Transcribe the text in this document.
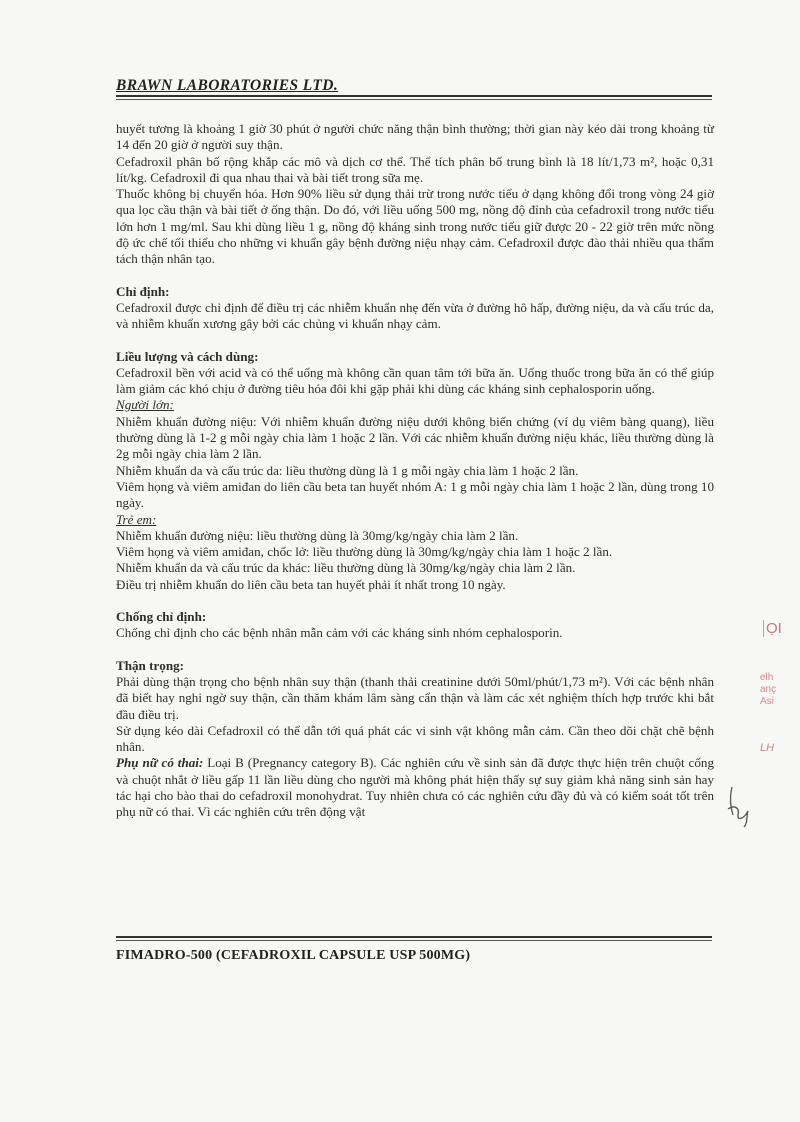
BRAWN LABORATORIES LTD.

huyết tương là khoảng 1 giờ 30 phút ở người chức năng thận bình thường; thời gian này kéo dài trong khoảng từ 14 đến 20 giờ ở người suy thận.

Cefadroxil phân bố rộng khắp các mô và dịch cơ thể. Thể tích phân bố trung bình là 18 lít/1,73 m², hoặc 0,31 lít/kg. Cefadroxil đi qua nhau thai và bài tiết trong sữa mẹ.

Thuốc không bị chuyển hóa. Hơn 90% liều sử dụng thải trừ trong nước tiểu ở dạng không đổi trong vòng 24 giờ qua lọc cầu thận và bài tiết ở ống thận. Do đó, với liều uống 500 mg, nồng độ đỉnh của cefadroxil trong nước tiểu lớn hơn 1 mg/ml. Sau khi dùng liều 1 g, nồng độ kháng sinh trong nước tiểu giữ được 20 - 22 giờ trên mức nồng độ ức chế tối thiểu cho những vi khuẩn gây bệnh đường niệu nhạy cảm. Cefadroxil được đào thải nhiều qua thẩm tách thận nhân tạo.

Chỉ định:

Cefadroxil được chỉ định để điều trị các nhiễm khuẩn nhẹ đến vừa ở đường hô hấp, đường niệu, da và cấu trúc da, và nhiễm khuẩn xương gây bởi các chủng vi khuẩn nhạy cảm.

Liều lượng và cách dùng:

Cefadroxil bền với acid và có thể uống mà không cần quan tâm tới bữa ăn. Uống thuốc trong bữa ăn có thể giúp làm giảm các khó chịu ở đường tiêu hóa đôi khi gặp phải khi dùng các kháng sinh cephalosporin uống.

Người lớn:

Nhiễm khuẩn đường niệu: Với nhiễm khuẩn đường niệu dưới không biến chứng (ví dụ viêm bàng quang), liều thường dùng là 1-2 g mỗi ngày chia làm 1 hoặc 2 lần. Với các nhiễm khuẩn đường niệu khác, liều thường dùng là 2g mỗi ngày chia làm 2 lần.

Nhiễm khuẩn da và cấu trúc da: liều thường dùng là 1 g mỗi ngày chia làm 1 hoặc 2 lần.

Viêm họng và viêm amiđan do liên cầu beta tan huyết nhóm A: 1 g mỗi ngày chia làm 1 hoặc 2 lần, dùng trong 10 ngày.

Trẻ em:

Nhiễm khuẩn đường niệu: liều thường dùng là 30mg/kg/ngày chia làm 2 lần.

Viêm họng và viêm amiđan, chốc lở: liều thường dùng là 30mg/kg/ngày chia làm 1 hoặc 2 lần.

Nhiễm khuẩn da và cấu trúc da khác: liều thường dùng là 30mg/kg/ngày chia làm 2 lần.

Điều trị nhiễm khuẩn do liên cầu beta tan huyết phải ít nhất trong 10 ngày.

Chống chỉ định:

Chống chỉ định cho các bệnh nhân mẫn cảm với các kháng sinh nhóm cephalosporin.

Thận trọng:

Phải dùng thận trọng cho bệnh nhân suy thận (thanh thải creatinine dưới 50ml/phút/1,73 m²). Với các bệnh nhân đã biết hay nghi ngờ suy thận, cần thăm khám lâm sàng cẩn thận và làm các xét nghiệm thích hợp trước khi bắt đầu điều trị.

Sử dụng kéo dài Cefadroxil có thể dẫn tới quá phát các vi sinh vật không mẫn cảm. Cần theo dõi chặt chẽ bệnh nhân.

Phụ nữ có thai: Loại B (Pregnancy category B). Các nghiên cứu về sinh sản đã được thực hiện trên chuột cống và chuột nhắt ở liều gấp 11 lần liều dùng cho người mà không phát hiện thấy sự suy giảm khả năng sinh sản hay tác hại cho bào thai do cefadroxil monohydrat. Tuy nhiên chưa có các nghiên cứu đầy đủ và có kiểm soát tốt trên phụ nữ có thai. Vì các nghiên cứu trên động vật

FIMADRO-500 (CEFADROXIL CAPSULE USP 500MG)
ỌI
elh
anç
Asi
LH
